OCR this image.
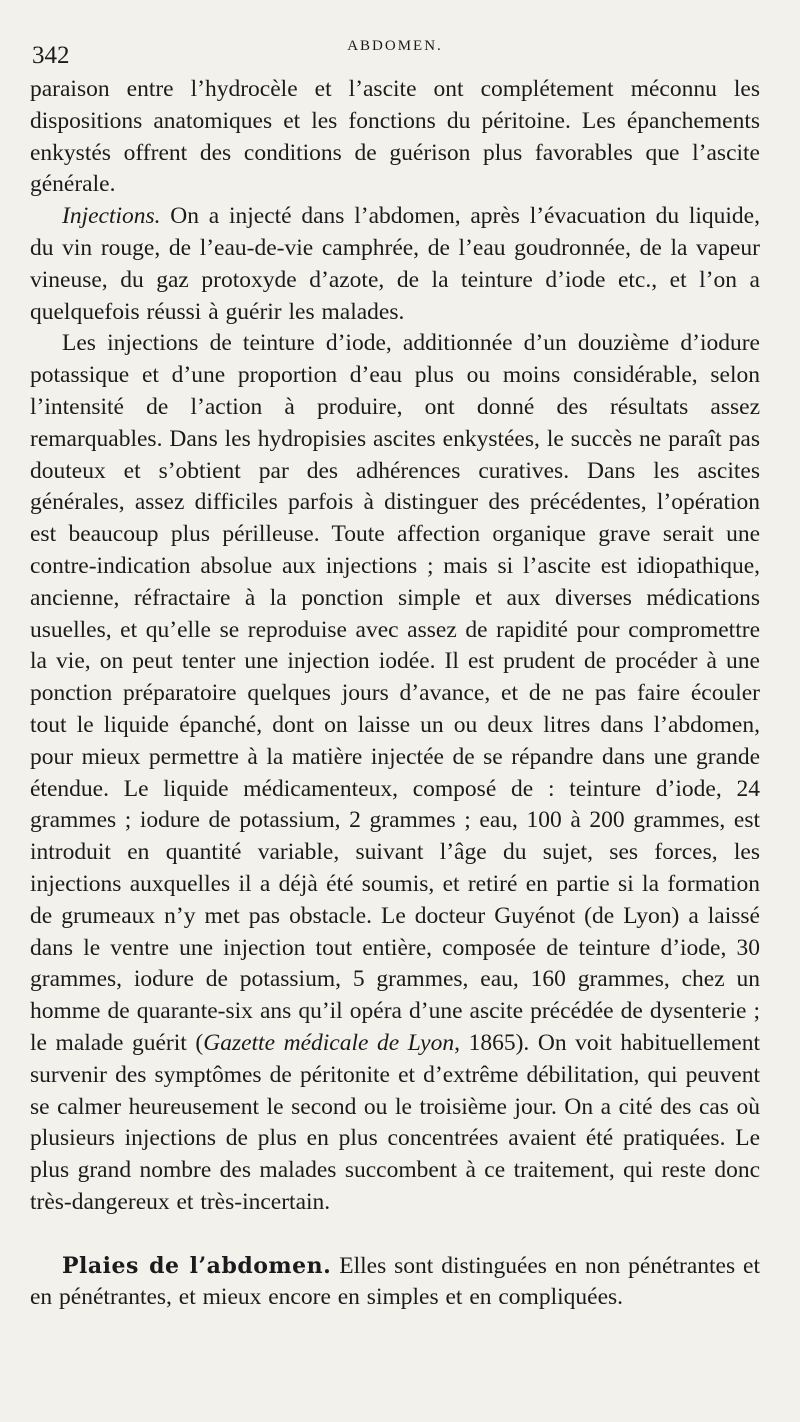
342	ABDOMEN.

paraison entre l’hydrocèle et l’ascite ont complétement méconnu les dispositions anatomiques et les fonctions du péritoine. Les épanchements enkystés offrent des conditions de guérison plus favorables que l’ascite générale.

Injections. On a injecté dans l’abdomen, après l’évacuation du liquide, du vin rouge, de l’eau-de-vie camphrée, de l’eau goudronnée, de la vapeur vineuse, du gaz protoxyde d’azote, de la teinture d’iode etc., et l’on a quelquefois réussi à guérir les malades.

Les injections de teinture d’iode, additionnée d’un douzième d’iodure potassique et d’une proportion d’eau plus ou moins considérable, selon l’intensité de l’action à produire, ont donné des résultats assez remarquables. Dans les hydropisies ascites enkystées, le succès ne paraît pas douteux et s’obtient par des adhérences curatives. Dans les ascites générales, assez difficiles parfois à distinguer des précédentes, l’opération est beaucoup plus périlleuse. Toute affection organique grave serait une contre-indication absolue aux injections ; mais si l’ascite est idiopathique, ancienne, réfractaire à la ponction simple et aux diverses médications usuelles, et qu’elle se reproduise avec assez de rapidité pour compromettre la vie, on peut tenter une injection iodée. Il est prudent de procéder à une ponction préparatoire quelques jours d’avance, et de ne pas faire écouler tout le liquide épanché, dont on laisse un ou deux litres dans l’abdomen, pour mieux permettre à la matière injectée de se répandre dans une grande étendue. Le liquide médicamenteux, composé de : teinture d’iode, 24 grammes ; iodure de potassium, 2 grammes ; eau, 100 à 200 grammes, est introduit en quantité variable, suivant l’âge du sujet, ses forces, les injections auxquelles il a déjà été soumis, et retiré en partie si la formation de grumeaux n’y met pas obstacle. Le docteur Guyénot (de Lyon) a laissé dans le ventre une injection tout entière, composée de teinture d’iode, 30 grammes, iodure de potassium, 5 grammes, eau, 160 grammes, chez un homme de quarante-six ans qu’il opéra d’une ascite précédée de dysenterie ; le malade guérit (Gazette médicale de Lyon, 1865). On voit habituellement survenir des symptômes de péritonite et d’extrême débilitation, qui peuvent se calmer heureusement le second ou le troisième jour. On a cité des cas où plusieurs injections de plus en plus concentrées avaient été pratiquées. Le plus grand nombre des malades succombent à ce traitement, qui reste donc très-dangereux et très-incertain.

Plaies de l’abdomen. Elles sont distinguées en non pénétrantes et en pénétrantes, et mieux encore en simples et en compliquées.
